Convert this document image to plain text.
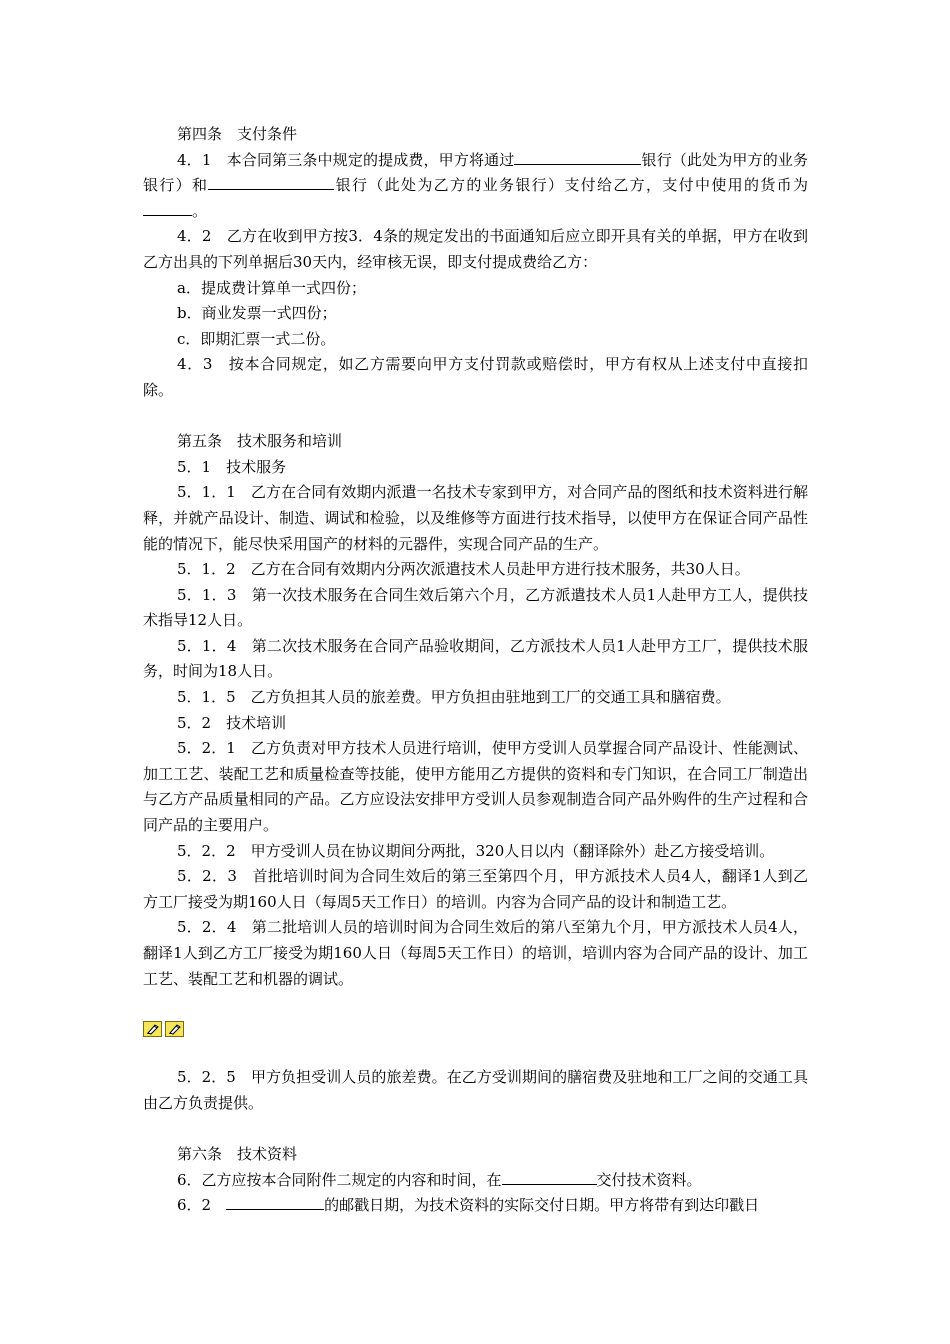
第四条　支付条件

4．1　本合同第三条中规定的提成费，甲方将通过	银行（此处为甲方的业务银行）和	银行（此处为乙方的业务银行）支付给乙方，支付中使用的货币为。

4．2　乙方在收到甲方按3．4条的规定发出的书面通知后应立即开具有关的单据，甲方在收到乙方出具的下列单据后30天内，经审核无误，即支付提成费给乙方：

a．提成费计算单一式四份；

b．商业发票一式四份；

c．即期汇票一式二份。

4．3　按本合同规定，如乙方需要向甲方支付罚款或赔偿时，甲方有权从上述支付中直接扣除。

第五条　技术服务和培训

5．1　技术服务

5．1．1　乙方在合同有效期内派遣一名技术专家到甲方，对合同产品的图纸和技术资料进行解释，并就产品设计、制造、调试和检验，以及维修等方面进行技术指导，以使甲方在保证合同产品性能的情况下，能尽快采用国产的材料的元器件，实现合同产品的生产。

5．1．2　乙方在合同有效期内分两次派遣技术人员赴甲方进行技术服务，共30人日。

5．1．3　第一次技术服务在合同生效后第六个月，乙方派遣技术人员1人赴甲方工人，提供技术指导12人日。

5．1．4　第二次技术服务在合同产品验收期间，乙方派技术人员1人赴甲方工厂，提供技术服务，时间为18人日。

5．1．5　乙方负担其人员的旅差费。甲方负担由驻地到工厂的交通工具和膳宿费。

5．2　技术培训

5．2．1　乙方负责对甲方技术人员进行培训，使甲方受训人员掌握合同产品设计、性能测试、加工工艺、装配工艺和质量检查等技能，使甲方能用乙方提供的资料和专门知识，在合同工厂制造出与乙方产品质量相同的产品。乙方应设法安排甲方受训人员参观制造合同产品外购件的生产过程和合同产品的主要用户。

5．2．2　甲方受训人员在协议期间分两批，320人日以内（翻译除外）赴乙方接受培训。

5．2．3　首批培训时间为合同生效后的第三至第四个月，甲方派技术人员4人，翻译1人到乙方工厂接受为期160人日（每周5天工作日）的培训。内容为合同产品的设计和制造工艺。

5．2．4　第二批培训人员的培训时间为合同生效后的第八至第九个月，甲方派技术人员4人，翻译1人到乙方工厂接受为期160人日（每周5天工作日）的培训，培训内容为合同产品的设计、加工工艺、装配工艺和机器的调试。

5．2．5　甲方负担受训人员的旅差费。在乙方受训期间的膳宿费及驻地和工厂之间的交通工具由乙方负责提供。

第六条　技术资料

6．乙方应按本合同附件二规定的内容和时间，在	交付技术资料。

6．2　	的邮戳日期，为技术资料的实际交付日期。甲方将带有到达印戳日
